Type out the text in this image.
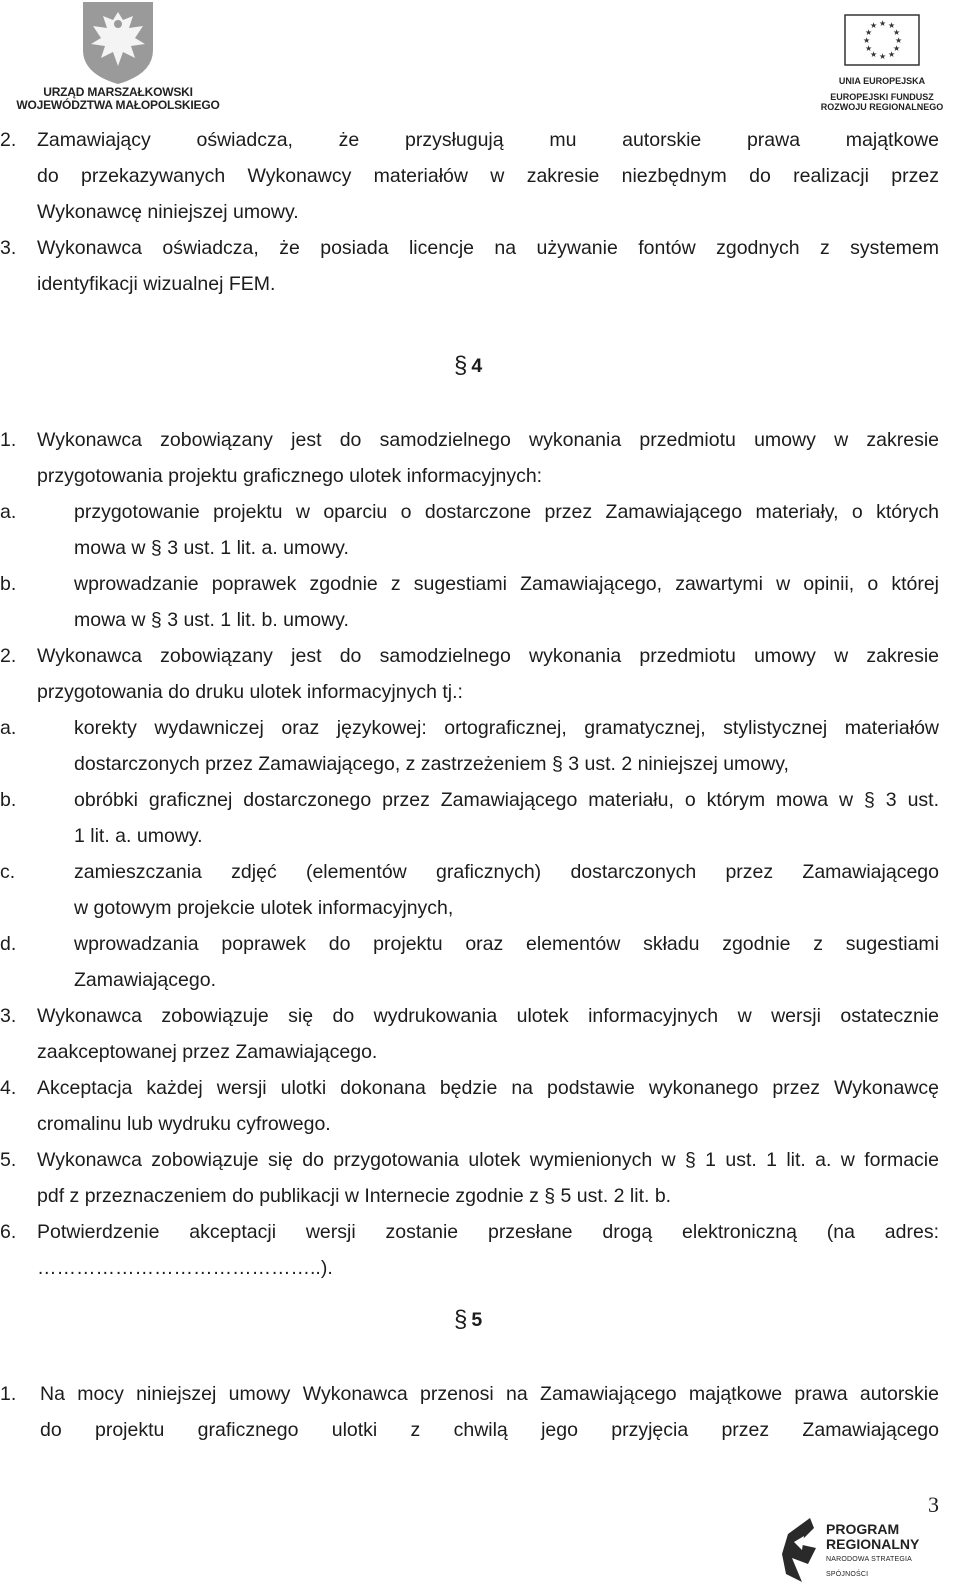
URZĄD MARSZAŁKOWSKI
WOJEWÓDZTWA MAŁOPOLSKIEGO
★ ★
★
★
★
★
★
★
★
★
★
★
UNIA EUROPEJSKA
EUROPEJSKI FUNDUSZ
ROZWOJU REGIONALNEGO
2. Zamawiający oświadcza, że przysługują mu autorskie prawa majątkowe
do przekazywanych Wykonawcy materiałów w zakresie niezbędnym do realizacji przez
Wykonawcę niniejszej umowy.
3. Wykonawca oświadcza, że posiada licencje na używanie fontów zgodnych z systemem
identyfikacji wizualnej FEM.
§ 4
1. Wykonawca zobowiązany jest do samodzielnego wykonania przedmiotu umowy w zakresie
przygotowania projektu graficznego ulotek informacyjnych:
a.	przygotowanie projektu w oparciu o dostarczone przez Zamawiającego materiały, o których
mowa w § 3 ust. 1 lit. a. umowy.
b.	wprowadzanie poprawek zgodnie z sugestiami Zamawiającego, zawartymi w opinii, o której
mowa w § 3 ust. 1 lit. b. umowy.
2. Wykonawca zobowiązany jest do samodzielnego wykonania przedmiotu umowy w zakresie
przygotowania do druku ulotek informacyjnych tj.:
a.	korekty wydawniczej oraz językowej: ortograficznej, gramatycznej, stylistycznej materiałów
dostarczonych przez Zamawiającego, z zastrzeżeniem § 3 ust. 2 niniejszej umowy,
b.	obróbki graficznej dostarczonego przez Zamawiającego materiału, o którym mowa w § 3 ust.
1 lit. a. umowy.
c.	zamieszczania zdjęć (elementów graficznych) dostarczonych przez Zamawiającego
w gotowym projekcie ulotek informacyjnych,
d.	wprowadzania poprawek do projektu oraz elementów składu zgodnie z sugestiami
Zamawiającego.
3. Wykonawca zobowiązuje się do wydrukowania ulotek informacyjnych w wersji ostatecznie
zaakceptowanej przez Zamawiającego.
4. Akceptacja każdej wersji ulotki dokonana będzie na podstawie wykonanego przez Wykonawcę
cromalinu lub wydruku cyfrowego.
5. Wykonawca zobowiązuje się do przygotowania ulotek wymienionych w § 1 ust. 1 lit. a. w formacie
pdf z przeznaczeniem do publikacji w Internecie zgodnie z § 5 ust. 2 lit. b.
6. Potwierdzenie akceptacji wersji zostanie przesłane drogą elektroniczną (na adres:
……………………………………..).
§ 5
1. Na mocy niniejszej umowy Wykonawca przenosi na Zamawiającego majątkowe prawa autorskie
do projektu graficznego ulotki z chwilą jego przyjęcia przez Zamawiającego
3
PROGRAM
REGIONALNY
NARODOWA STRATEGIA SPÓJNOŚCI
